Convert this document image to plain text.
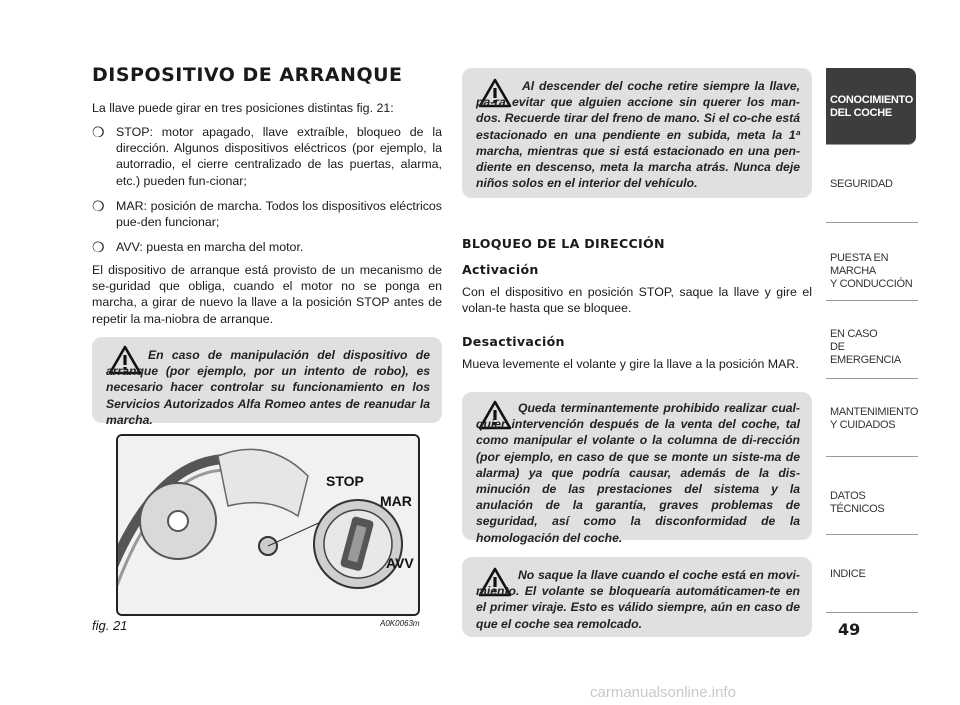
DISPOSITIVO DE ARRANQUE
La llave puede girar en tres posiciones distintas fig. 21:
❍ STOP: motor apagado, llave extraíble, bloqueo de la dirección. Algunos dispositivos eléctricos (por ejemplo, la autorradio, el cierre centralizado de las puertas, alarma, etc.) pueden fun-cionar;
❍ MAR: posición de marcha. Todos los dispositivos eléctricos pue-den funcionar;
❍ AVV: puesta en marcha del motor.
El dispositivo de arranque está provisto de un mecanismo de se-guridad que obliga, cuando el motor no se ponga en marcha, a girar de nuevo la llave a la posición STOP antes de repetir la ma-niobra de arranque.
En caso de manipulación del dispositivo de arranque (por ejemplo, por un intento de robo), es necesario hacer controlar su funcionamiento en los Servicios Autorizados Alfa Romeo antes de reanudar la marcha.
STOP
MAR
AVV
fig. 21	A0K0063m
Al descender del coche retire siempre la llave, pa-ra evitar que alguien accione sin querer los man-dos. Recuerde tirar del freno de mano. Si el co-che está estacionado en una pendiente en subida, meta la 1ª marcha, mientras que si está estacionado en una pen-diente en descenso, meta la marcha atrás. Nunca deje niños solos en el interior del vehículo.
BLOQUEO DE LA DIRECCIÓN
Activación
Con el dispositivo en posición STOP, saque la llave y gire el volan-te hasta que se bloquee.
Desactivación
Mueva levemente el volante y gire la llave a la posición MAR.
Queda terminantemente prohibido realizar cual-quier intervención después de la venta del coche, tal como manipular el volante o la columna de di-rección (por ejemplo, en caso de que se monte un siste-ma de alarma) ya que podría causar, además de la dis-minución de las prestaciones del sistema y la anulación de la garantía, graves problemas de seguridad, así como la disconformidad de la homologación del coche.
No saque la llave cuando el coche está en movi-miento. El volante se bloquearía automáticamen-te en el primer viraje. Esto es válido siempre, aún en caso de que el coche sea remolcado.
CONOCIMIENTO
DEL COCHE
SEGURIDAD
PUESTA EN MARCHA
Y CONDUCCIÓN
EN CASO
DE EMERGENCIA
MANTENIMIENTO
Y CUIDADOS
DATOS TÉCNICOS
INDICE
49
carmanualsonline.info
